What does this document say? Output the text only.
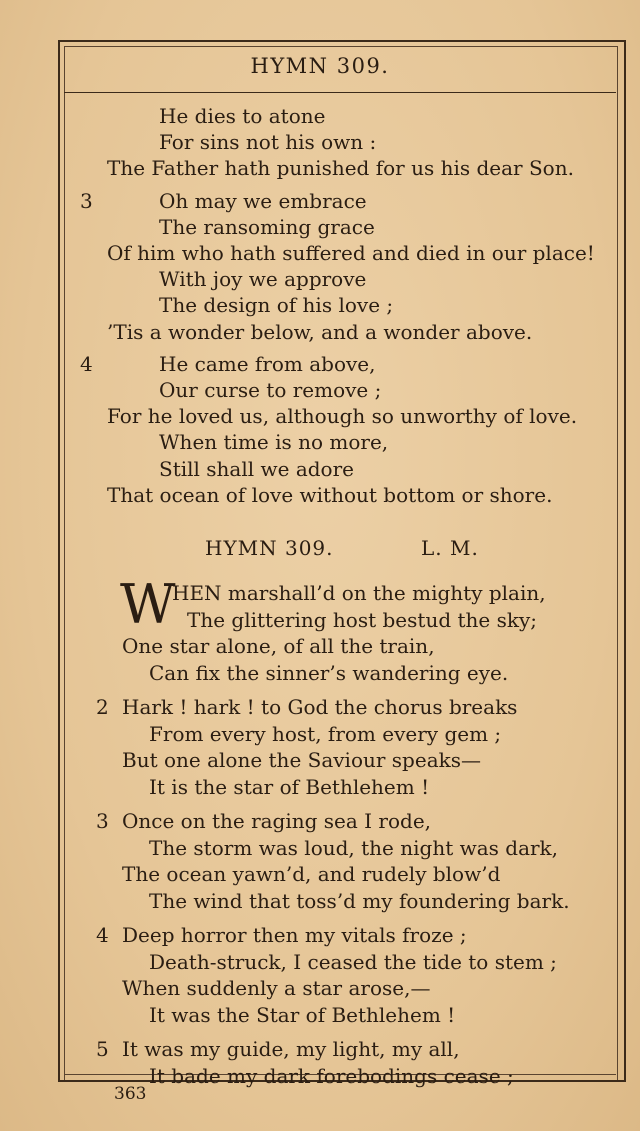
HYMN 309.
He dies to atone
For sins not his own :
The Father hath punished for us his dear Son.
3	Oh may we embrace
The ransoming grace
Of him who hath suffered and died in our place!
With joy we approve
The design of his love ;
’Tis a wonder below, and a wonder above.
4	He came from above,
Our curse to remove ;
For he loved us, although so unworthy of love.
When time is no more,
Still shall we adore
That ocean of love without bottom or shore.
HYMN 309.	L. M.
W
HEN marshall’d on the mighty plain,
The glittering host bestud the sky;
One star alone, of all the train,
Can fix the sinner’s wandering eye.
2 Hark ! hark ! to God the chorus breaks
From every host, from every gem ;
But one alone the Saviour speaks—
It is the star of Bethlehem !
3 Once on the raging sea I rode,
The storm was loud, the night was dark,
The ocean yawn’d, and rudely blow’d
The wind that toss’d my foundering bark.
4 Deep horror then my vitals froze ;
Death-struck, I ceased the tide to stem ;
When suddenly a star arose,—
It was the Star of Bethlehem !
5 It was my guide, my light, my all,
It bade my dark forebodings cease ;
363
